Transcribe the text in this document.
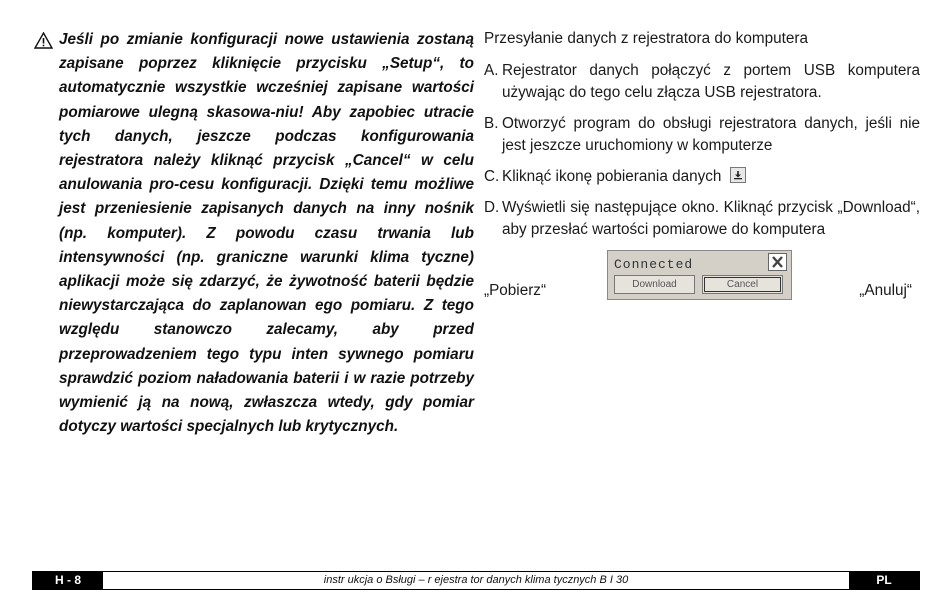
Jeśli po zmianie konfiguracji nowe ustawienia zostaną zapisane poprzez kliknięcie przycisku „Setup“, to automatycznie wszystkie wcześniej zapisane wartości pomiarowe ulegną skasowa-niu! Aby zapobiec utracie tych danych, jeszcze podczas konfigurowania rejestratora należy kliknąć przycisk „Cancel“ w celu anulowania pro-cesu konfiguracji. Dzięki temu możliwe jest przeniesienie zapisanych danych na inny nośnik (np. komputer). Z powodu czasu trwania lub intensywności (np. graniczne warunki klima tyczne) aplikacji może się zdarzyć, że żywotność baterii będzie niewystarczająca do zaplanowan ego pomiaru. Z tego względu stanowczo zalecamy, aby przed przeprowadzeniem tego typu inten sywnego pomiaru sprawdzić poziom naładowania baterii i w razie potrzeby wymienić ją na nową, zwłaszcza wtedy, gdy pomiar dotyczy wartości specjalnych lub krytycznych.

Przesyłanie danych z rejestratora do komputera

A. Rejestrator danych połączyć z portem USB komputera używając do tego celu złącza USB rejestratora.
B. Otworzyć program do obsługi rejestratora danych, jeśli nie jest jeszcze uruchomiony w komputerze
C. Kliknąć ikonę pobierania danych
D. Wyświetli się następujące okno. Kliknąć przycisk „Download“, aby przesłać wartości pomiarowe do komputera
„Pobierz“
Connected
Download	Cancel	„Anuluj“
H - 8	instr ukcja o Bsługi – r ejestra tor danych klima tycznych B I 30	PL
